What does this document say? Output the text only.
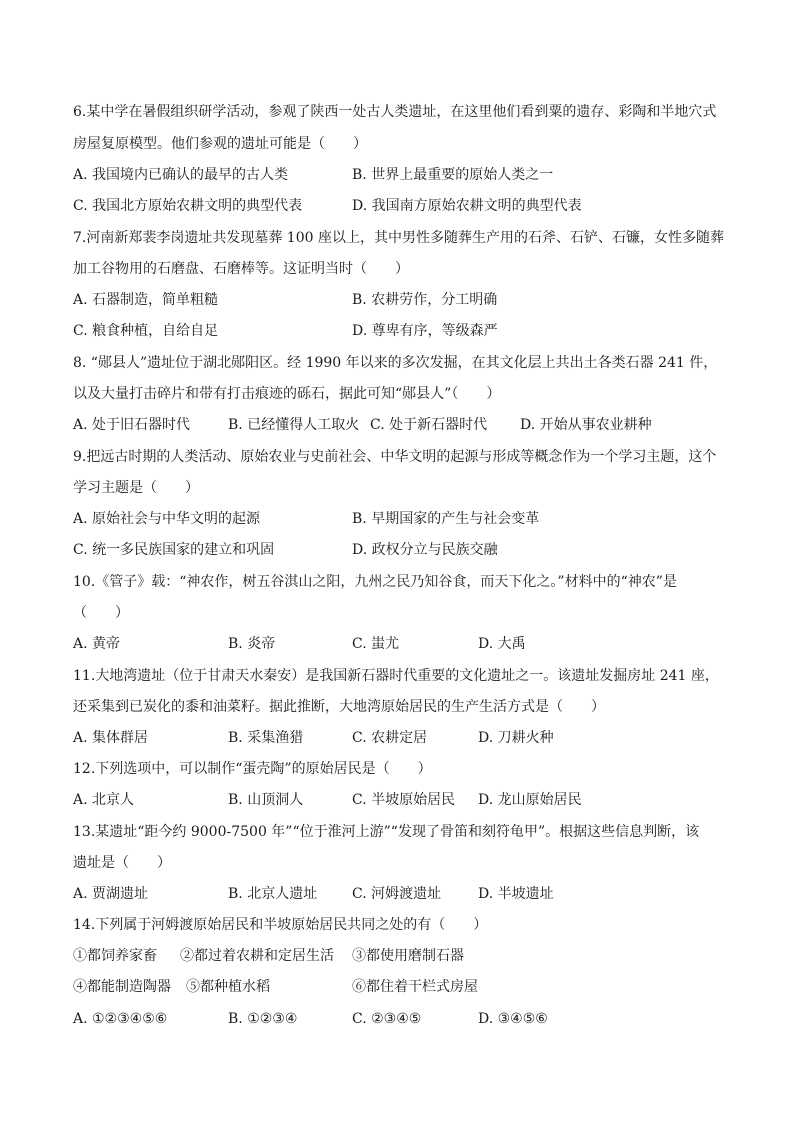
6.某中学在暑假组织研学活动，参观了陕西一处古人类遗址，在这里他们看到粟的遗存、彩陶和半地穴式
房屋复原模型。他们参观的遗址可能是（　　）
A. 我国境内已确认的最早的古人类	B. 世界上最重要的原始人类之一
C. 我国北方原始农耕文明的典型代表	D. 我国南方原始农耕文明的典型代表
7.河南新郑裴李岗遗址共发现墓葬 100 座以上，其中男性多随葬生产用的石斧、石铲、石镰，女性多随葬
加工谷物用的石磨盘、石磨棒等。这证明当时（　　）
A. 石器制造，简单粗糙	B. 农耕劳作，分工明确
C. 粮食种植，自给自足	D. 尊卑有序，等级森严
8. “郧县人”遗址位于湖北郧阳区。经 1990 年以来的多次发掘，在其文化层上共出土各类石器 241 件，
以及大量打击碎片和带有打击痕迹的砾石，据此可知“郧县人”（　　）
A. 处于旧石器时代	B. 已经懂得人工取火 C. 处于新石器时代 D. 开始从事农业耕种
9.把远古时期的人类活动、原始农业与史前社会、中华文明的起源与形成等概念作为一个学习主题，这个
学习主题是（　　）
A. 原始社会与中华文明的起源	B. 早期国家的产生与社会变革
C. 统一多民族国家的建立和巩固	D. 政权分立与民族交融
10.《管子》载：“神农作，树五谷淇山之阳，九州之民乃知谷食，而天下化之。”材料中的“神农”是
（　　）
A. 黄帝	B. 炎帝	C. 蚩尤	D. 大禹
11.大地湾遗址（位于甘肃天水秦安）是我国新石器时代重要的文化遗址之一。该遗址发掘房址 241 座，
还采集到已炭化的黍和油菜籽。据此推断，大地湾原始居民的生产生活方式是（　　）
A. 集体群居	B. 采集渔猎	C. 农耕定居	D. 刀耕火种
12.下列选项中，可以制作“蛋壳陶”的原始居民是（　　）
A. 北京人	B. 山顶洞人	C. 半坡原始居民 D. 龙山原始居民
13.某遗址“距今约 9000-7500 年”“位于淮河上游”“发现了骨笛和刻符龟甲”。根据这些信息判断，该
遗址是（　　）
A. 贾湖遗址	B. 北京人遗址 C. 河姆渡遗址	D. 半坡遗址
14.下列属于河姆渡原始居民和半坡原始居民共同之处的有（　　）
①都饲养家畜 ②都过着农耕和定居生活 ③都使用磨制石器
④都能制造陶器 ⑤都种植水稻	⑥都住着干栏式房屋
A. ①②③④⑤⑥	B. ①②③④	C. ②③④⑤	D. ③④⑤⑥
